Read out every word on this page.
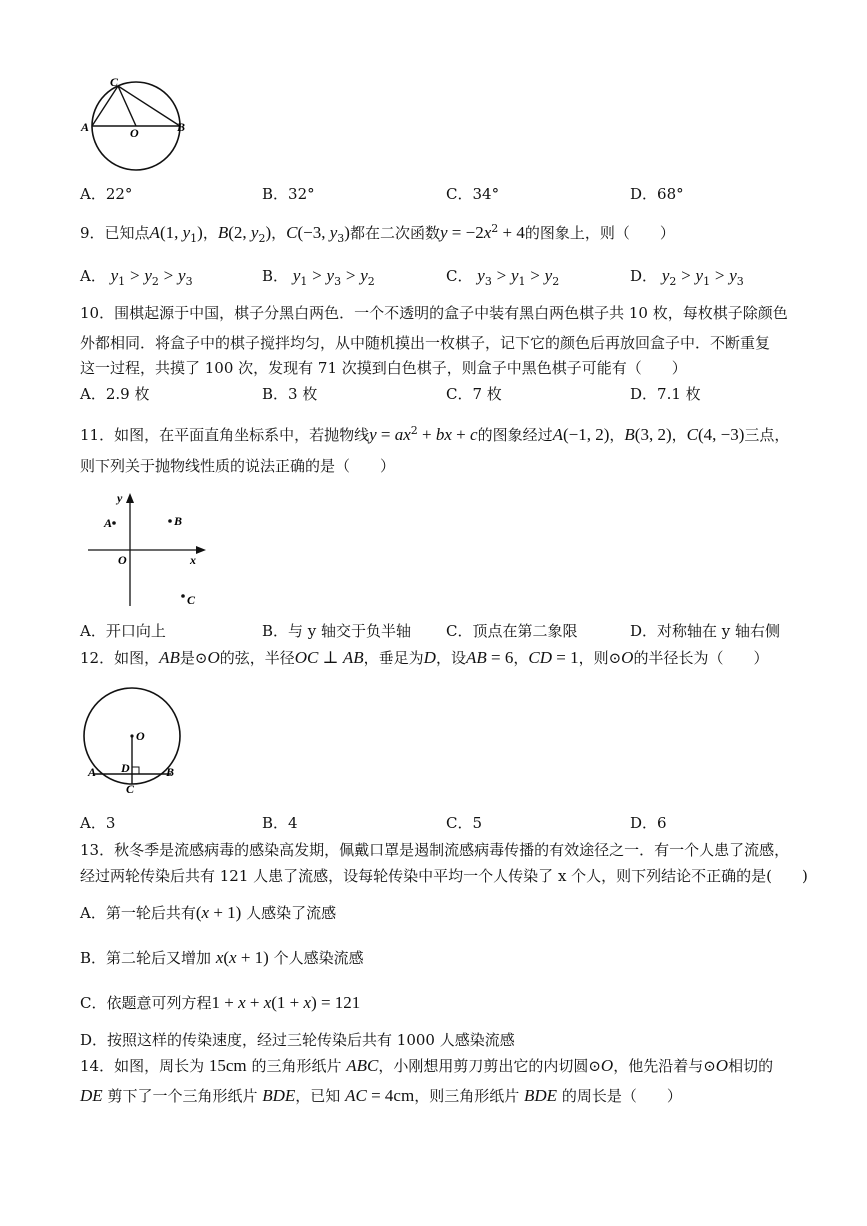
C
A	O	B
A．22°	B．32°	C．34°	D．68°
9．已知点A(1, $y_1$)，B(2, $y_2$)，C(−3, $y_3$)都在二次函数$y = -2x^2 + 4$的图象上，则（　　）
A． $y_1 > y_2 > y_3$	B． $y_1 > y_3 > y_2$	C． $y_3 > y_1 > y_2$	D． $y_2 > y_1 > y_3$
10．围棋起源于中国，棋子分黑白两色．一个不透明的盒子中装有黑白两色棋子共 10 枚，每枚棋子除颜色
外都相同．将盒子中的棋子搅拌均匀，从中随机摸出一枚棋子，记下它的颜色后再放回盒子中．不断重复
这一过程，共摸了 100 次，发现有 71 次摸到白色棋子，则盒子中黑色棋子可能有（　　）
A．2.9 枚	B．3 枚	C．7 枚	D．7.1 枚
11．如图，在平面直角坐标系中，若抛物线$y = ax^2$ + bx + c的图象经过A(−1, 2)，B(3, 2)，C(4, −3)三点，
则下列关于抛物线性质的说法正确的是（　　）
y
x
O
A	B
C
A．开口向上	B．与 y 轴交于负半轴 C．顶点在第二象限	D．对称轴在 y 轴右侧
12．如图，AB是⊙O的弦，半径OC ⊥ AB，垂足为D，设AB = 6，CD = 1，则⊙O的半径长为（　　）
O
A D	B
C
A．3	B．4	C．5	D．6
13．秋冬季是流感病毒的感染高发期，佩戴口罩是遏制流感病毒传播的有效途径之一．有一个人患了流感，
经过两轮传染后共有 121 人患了流感，设每轮传染中平均一个人传染了 x 个人，则下列结论不正确的是(　　)
A．第一轮后共有(x + 1) 人感染了流感
B．第二轮后又增加 x(x + 1) 个人感染流感
C．依题意可列方程1 + x + x(1 + x) = 121
D．按照这样的传染速度，经过三轮传染后共有 1000 人感染流感
14．如图，周长为 15cm 的三角形纸片 ABC，小刚想用剪刀剪出它的内切圆⊙O，他先沿着与⊙O相切的
DE 剪下了一个三角形纸片 BDE，已知 AC = 4cm，则三角形纸片 BDE 的周长是（　　）
